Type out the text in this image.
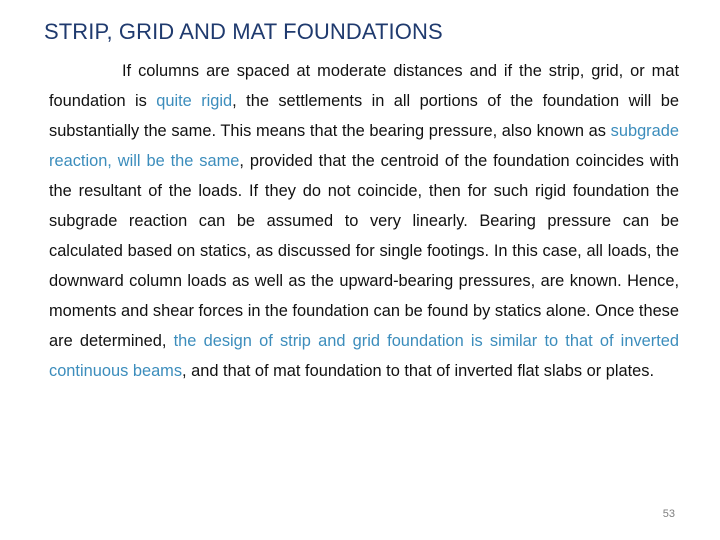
STRIP, GRID AND MAT FOUNDATIONS

If columns are spaced at moderate distances and if the strip, grid, or mat foundation is quite rigid, the settlements in all portions of the foundation will be substantially the same. This means that the bearing pressure, also known as subgrade reaction, will be the same, provided that the centroid of the foundation coincides with the resultant of the loads. If they do not coincide, then for such rigid foundation the subgrade reaction can be assumed to very linearly. Bearing pressure can be calculated based on statics, as discussed for single footings. In this case, all loads, the downward column loads as well as the upward-bearing pressures, are known. Hence, moments and shear forces in the foundation can be found by statics alone. Once these are determined, the design of strip and grid foundation is similar to that of inverted continuous beams, and that of mat foundation to that of inverted flat slabs or plates.

53
